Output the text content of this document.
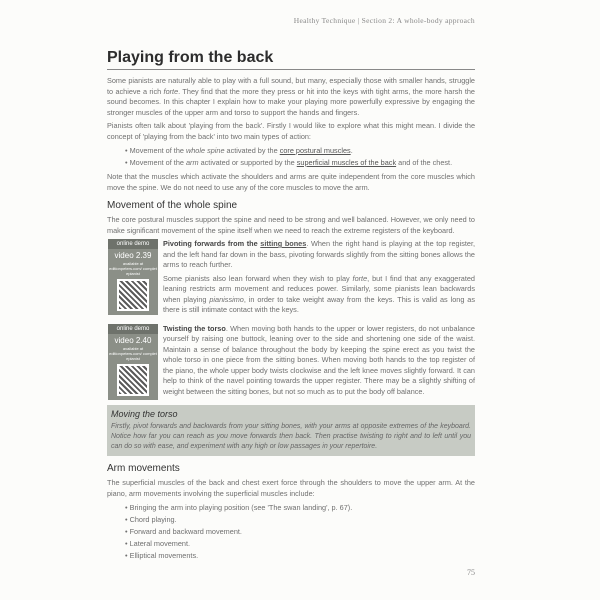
Healthy Technique | Section 2: A whole-body approach
Playing from the back

Some pianists are naturally able to play with a full sound, but many, especially those with smaller hands, struggle to achieve a rich forte. They find that the more they press or hit into the keys with tight arms, the more harsh the sound becomes. In this chapter I explain how to make your playing more powerfully expressive by engaging the stronger muscles of the upper arm and torso to support the hands and fingers.

Pianists often talk about 'playing from the back'. Firstly I would like to explore what this might mean. I divide the concept of 'playing from the back' into two main types of action:

• Movement of the whole spine activated by the core postural muscles.
• Movement of the arm activated or supported by the superficial muscles of the back and of the chest.

Note that the muscles which activate the shoulders and arms are quite independent from the core muscles which move the spine. We do not need to use any of the core muscles to move the arm.

Movement of the whole spine

The core postural muscles support the spine and need to be strong and well balanced. However, we only need to make significant movement of the spine itself when we need to reach the extreme registers of the keyboard.

online demo
video 2.39
available at
editionpeters.com/ completepianist

Pivoting forwards from the sitting bones. When the right hand is playing at the top register, and the left hand far down in the bass, pivoting forwards slightly from the sitting bones allows the arms to reach further.

Some pianists also lean forward when they wish to play forte, but I find that any exaggerated leaning restricts arm movement and reduces power. Similarly, some pianists lean backwards when playing pianissimo, in order to take weight away from the keys. This is valid as long as there is still intimate contact with the keys.

online demo
video 2.40
available at
editionpeters.com/ completepianist

Twisting the torso. When moving both hands to the upper or lower registers, do not unbalance yourself by raising one buttock, leaning over to the side and shortening one side of the waist. Maintain a sense of balance throughout the body by keeping the spine erect as you twist the whole torso in one piece from the sitting bones. When moving both hands to the top register of the piano, the whole upper body twists clockwise and the left knee moves slightly forward. It can help to think of the navel pointing towards the upper register. There may be a slightly shifting of weight between the sitting bones, but not so much as to put the body off balance.

Moving the torso

Firstly, pivot forwards and backwards from your sitting bones, with your arms at opposite extremes of the keyboard. Notice how far you can reach as you move forwards then back. Then practise twisting to right and to left until you can do so with ease, and experiment with any high or low passages in your repertoire.

Arm movements

The superficial muscles of the back and chest exert force through the shoulders to move the upper arm. At the piano, arm movements involving the superficial muscles include:

• Bringing the arm into playing position (see 'The swan landing', p. 67).
• Chord playing.
• Forward and backward movement.
• Lateral movement.
• Elliptical movements.
75
